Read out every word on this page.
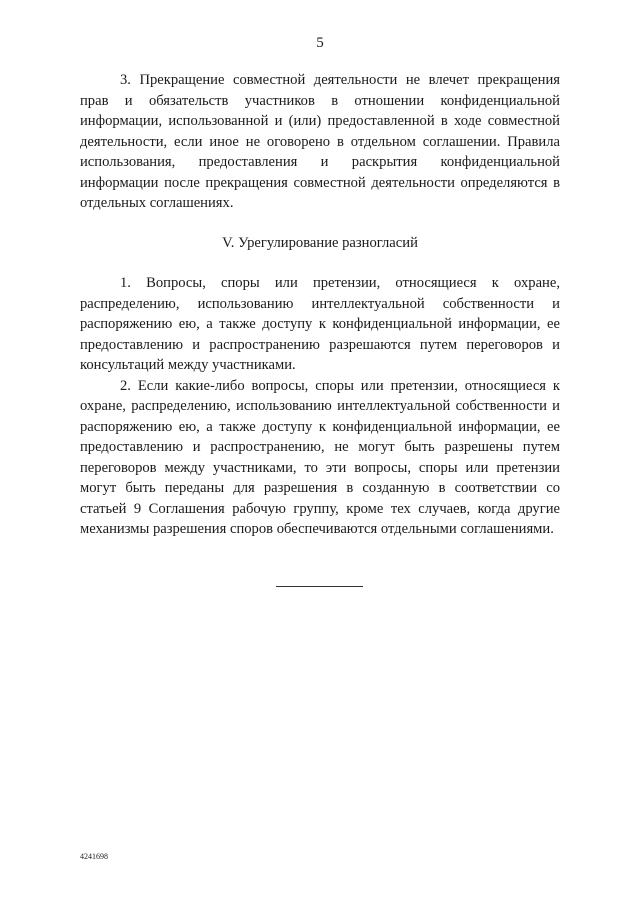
5

3. Прекращение совместной деятельности не влечет прекращения прав и обязательств участников в отношении конфиденциальной информации, использованной и (или) предоставленной в ходе совместной деятельности, если иное не оговорено в отдельном соглашении. Правила использования, предоставления и раскрытия конфиденциальной информации после прекращения совместной деятельности определяются в отдельных соглашениях.

V. Урегулирование разногласий

1. Вопросы, споры или претензии, относящиеся к охране, распределению, использованию интеллектуальной собственности и распоряжению ею, а также доступу к конфиденциальной информации, ее предоставлению и распространению разрешаются путем переговоров и консультаций между участниками.

2. Если какие-либо вопросы, споры или претензии, относящиеся к охране, распределению, использованию интеллектуальной собственности и распоряжению ею, а также доступу к конфиденциальной информации, ее предоставлению и распространению, не могут быть разрешены путем переговоров между участниками, то эти вопросы, споры или претензии могут быть переданы для разрешения в созданную в соответствии со статьей 9 Соглашения рабочую группу, кроме тех случаев, когда другие механизмы разрешения споров обеспечиваются отдельными соглашениями.

4241698
